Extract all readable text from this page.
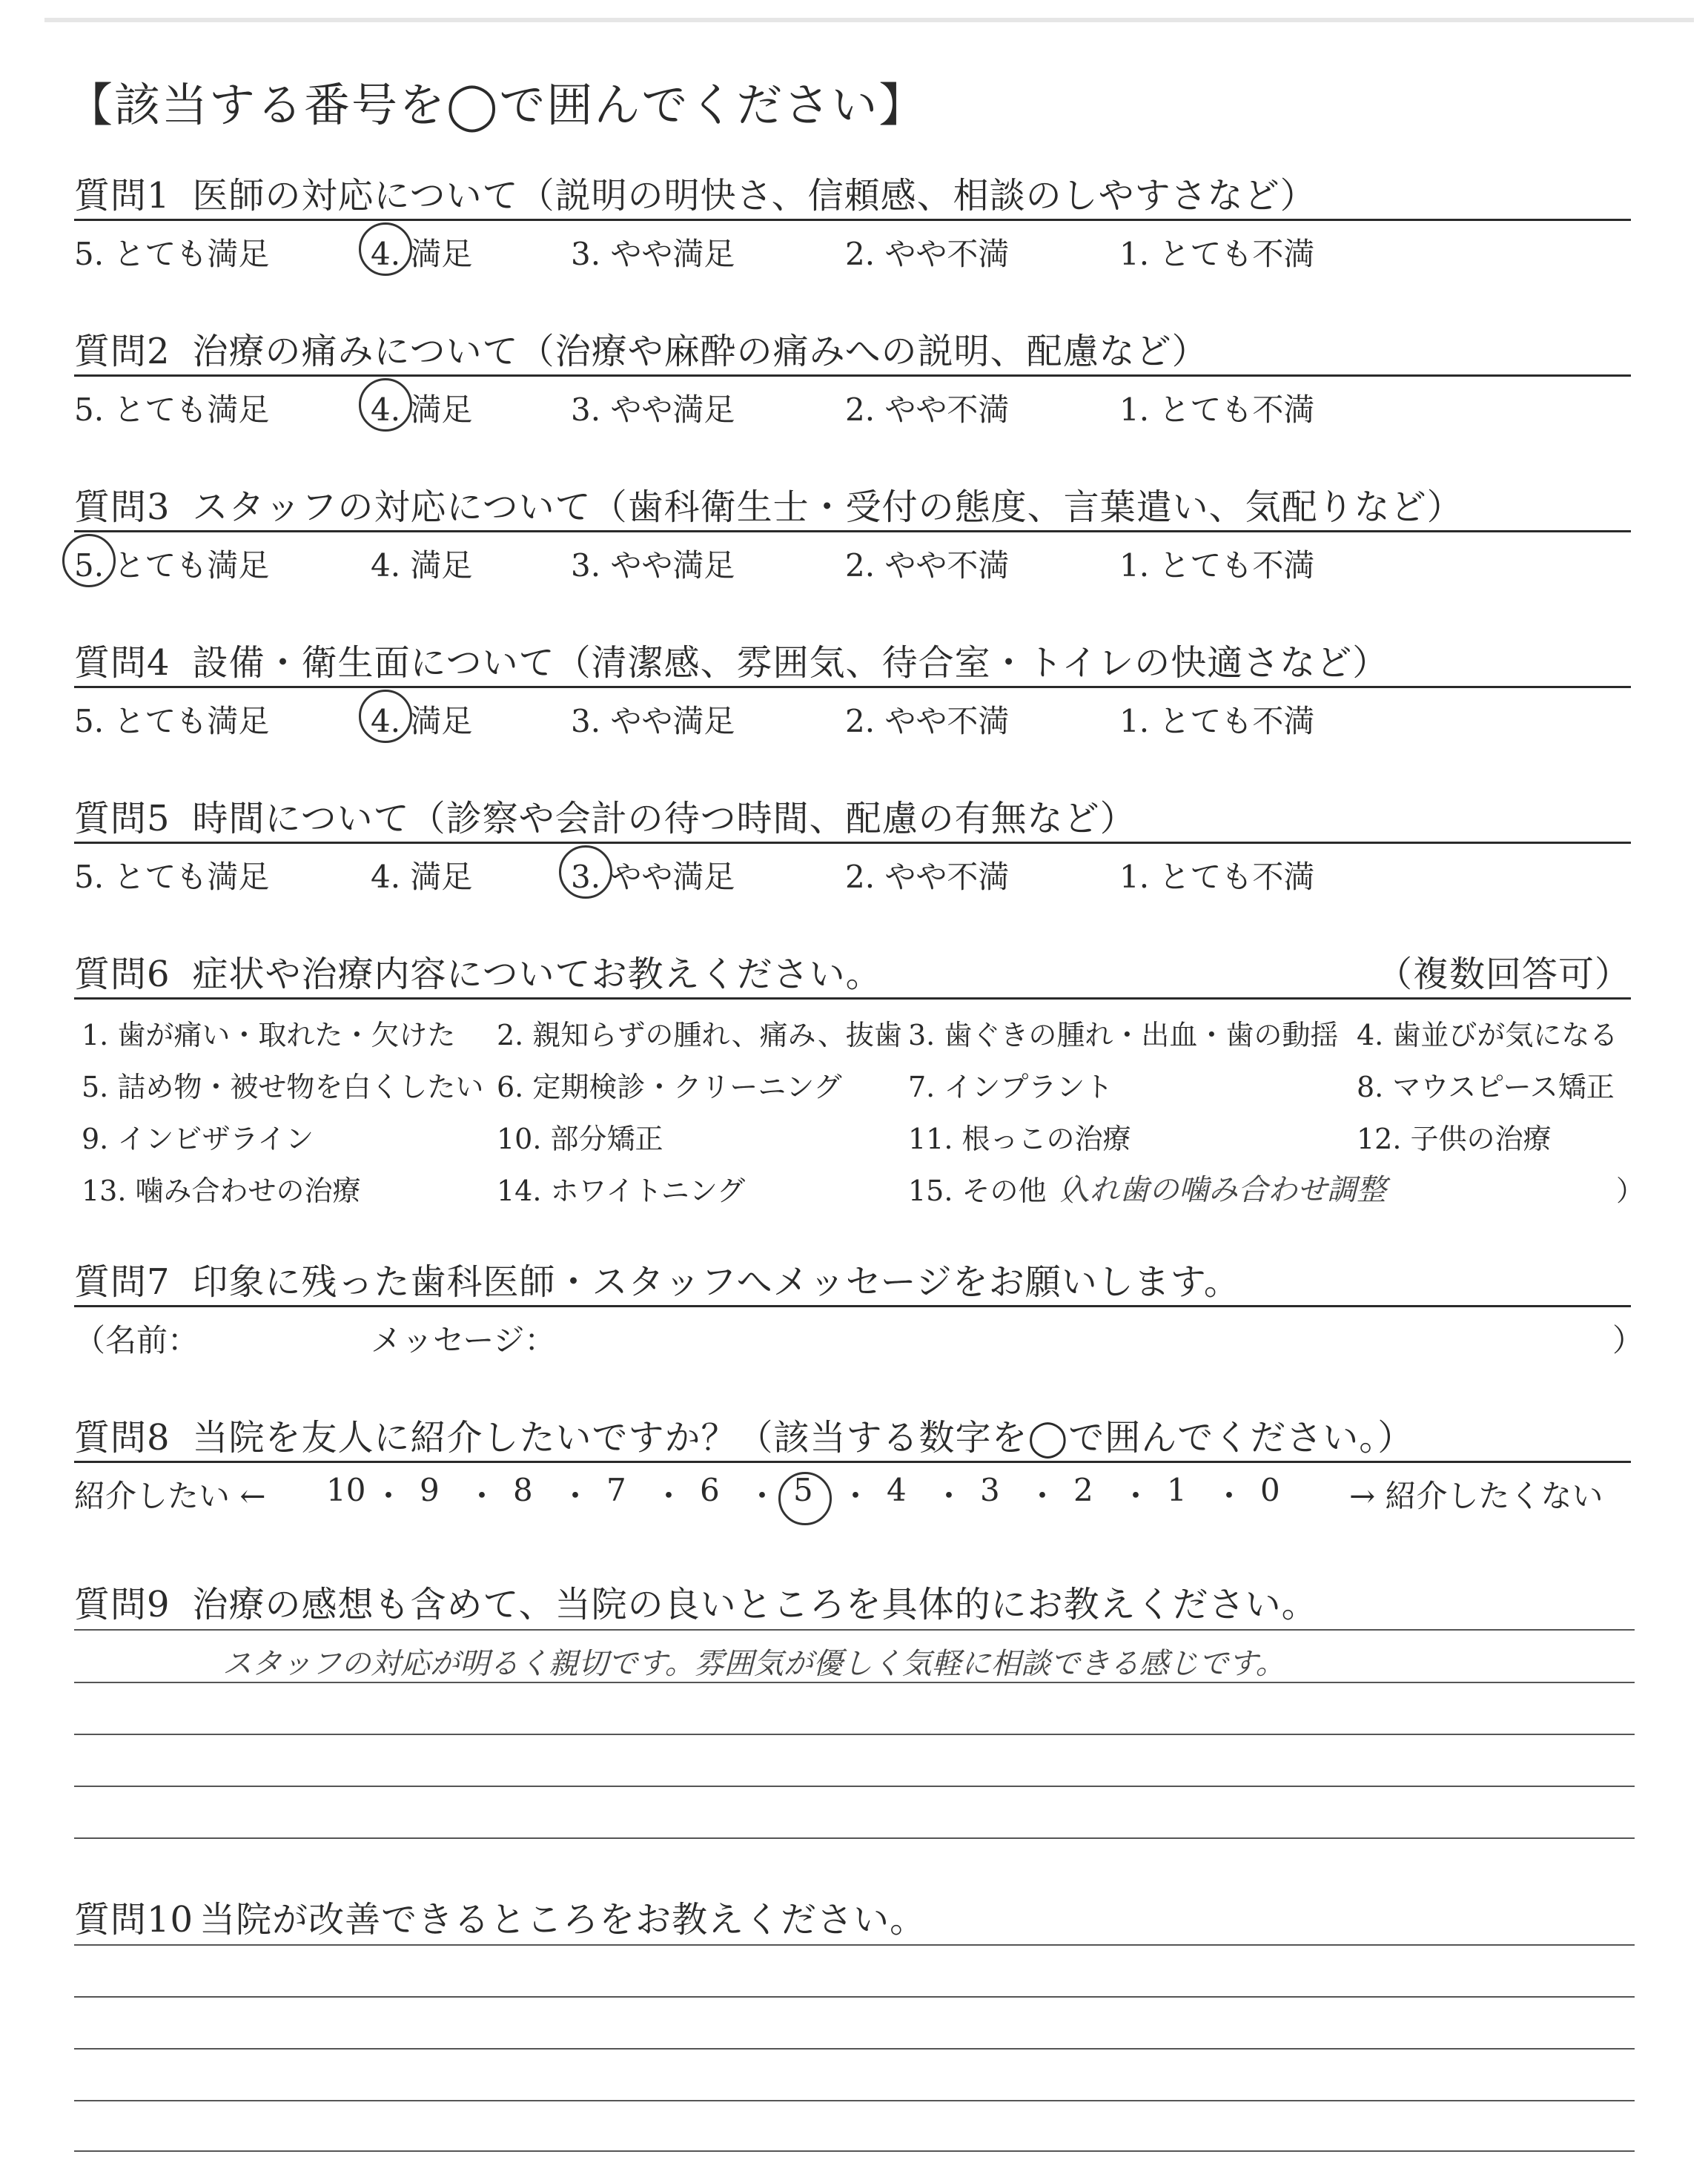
【該当する番号を◯で囲んでください】
質問1 医師の対応について（説明の明快さ、信頼感、相談のしやすさなど）
5. とても満足	4. 満足	3. やや満足	2. やや不満	1. とても不満
質問2 治療の痛みについて（治療や麻酔の痛みへの説明、配慮など）
5. とても満足	4. 満足	3. やや満足	2. やや不満	1. とても不満
質問3 スタッフの対応について（歯科衛生士・受付の態度、言葉遣い、気配りなど）
5. とても満足	4. 満足	3. やや満足	2. やや不満	1. とても不満
質問4 設備・衛生面について（清潔感、雰囲気、待合室・トイレの快適さなど）
5. とても満足	4. 満足	3. やや満足	2. やや不満	1. とても不満
質問5 時間について（診察や会計の待つ時間、配慮の有無など）
5. とても満足	4. 満足	3. やや満足	2. やや不満	1. とても不満
質問6 症状や治療内容についてお教えください。	（複数回答可）
1. 歯が痛い・取れた・欠けた 2. 親知らずの腫れ、痛み、抜歯 3. 歯ぐきの腫れ・出血・歯の動揺 4. 歯並びが気になる
5. 詰め物・被せ物を白くしたい 6. 定期検診・クリーニング 7. インプラント	8. マウスピース矯正
9. インビザライン	10. 部分矯正	11. 根っこの治療	12. 子供の治療
13. 噛み合わせの治療	14. ホワイトニング	15. その他（
入れ歯の噛み合わせ調整	）
質問7 印象に残った歯科医師・スタッフへメッセージをお願いします。
（名前：	メッセージ：	）
質問8 当院を友人に紹介したいですか？（該当する数字を◯で囲んでください。）
紹介したい ←	→ 紹介したくない
10 ・ 9 ・ 8 ・ 7 ・ 6 ・ 5 ・ 4 ・ 3 ・ 2 ・ 1 ・ 0
質問9 治療の感想も含めて、当院の良いところを具体的にお教えください。
スタッフの対応が明るく親切です。雰囲気が優しく気軽に相談できる感じです。
質問10 当院が改善できるところをお教えください。
